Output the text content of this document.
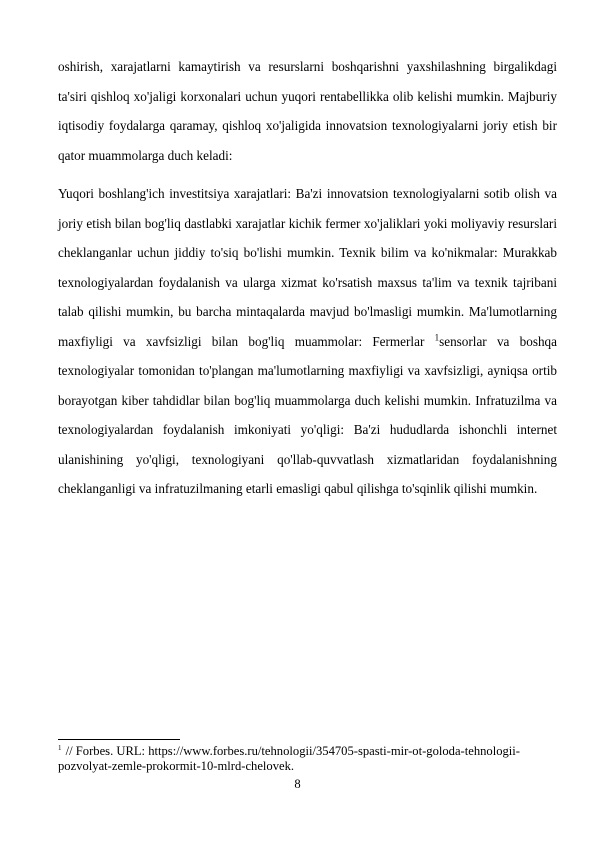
oshirish, xarajatlarni kamaytirish va resurslarni boshqarishni yaxshilashning birgalikdagi ta'siri qishloq xo'jaligi korxonalari uchun yuqori rentabellikka olib kelishi mumkin. Majburiy iqtisodiy foydalarga qaramay, qishloq xo'jaligida innovatsion texnologiyalarni joriy etish bir qator muammolarga duch keladi:

Yuqori boshlang'ich investitsiya xarajatlari: Ba'zi innovatsion texnologiyalarni sotib olish va joriy etish bilan bog'liq dastlabki xarajatlar kichik fermer xo'jaliklari yoki moliyaviy resurslari cheklanganlar uchun jiddiy to'siq bo'lishi mumkin. Texnik bilim va ko'nikmalar: Murakkab texnologiyalardan foydalanish va ularga xizmat ko'rsatish maxsus ta'lim va texnik tajribani talab qilishi mumkin, bu barcha mintaqalarda mavjud bo'lmasligi mumkin. Ma'lumotlarning maxfiyligi va xavfsizligi bilan bog'liq muammolar: Fermerlar $^1$sensorlar va boshqa texnologiyalar tomonidan to'plangan ma'lumotlarning maxfiyligi va xavfsizligi, ayniqsa ortib borayotgan kiber tahdidlar bilan bog'liq muammolarga duch kelishi mumkin. Infratuzilma va texnologiyalardan foydalanish imkoniyati yo'qligi: Ba'zi hududlarda ishonchli internet ulanishining yo'qligi, texnologiyani qo'llab-quvvatlash xizmatlaridan foydalanishning cheklanganligi va infratuzilmaning etarli emasligi qabul qilishga to'sqinlik qilishi mumkin.

$^1$ // Forbes. URL: https://www.forbes.ru/tehnologii/354705-spasti-mir-ot-goloda-tehnologii-pozvolyat-zemle-prokormit-10-mlrd-chelovek.
8
